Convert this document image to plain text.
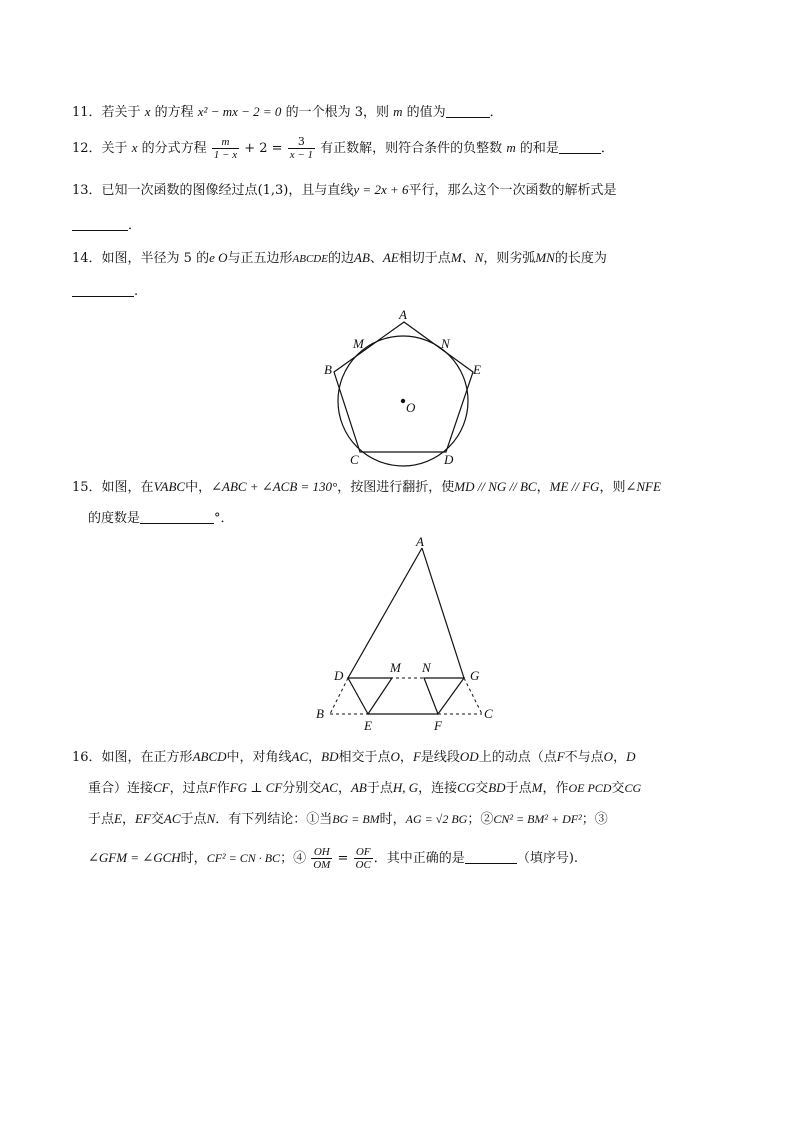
11．若关于 x 的方程 x² − mx − 2 = 0 的一个根为 3，则 m 的值为	．
12．关于 x 的分式方程 $\frac{m}{1 - x} + 2 = \frac{3}{x - 1}$ 有正数解，则符合条件的负整数 m 的和是	．
13．已知一次函数的图像经过点(1,3)，且与直线y = 2x + 6平行，那么这个一次函数的解析式是
．
14．如图，半径为 5 的e O与正五边形ABCDE的边AB、AE相切于点M、N，则劣弧MN的长度为
.
A
M	N
B	E
O
C	D
15．如图，在VABC中，∠ABC + ∠ACB = 130°，按图进行翻折，使MD // NG // BC，ME // FG，则∠NFE
的度数是	°．
A
D
M N
G
B
E	F
C
16．如图，在正方形ABCD中，对角线AC，BD相交于点O，F是线段OD上的动点（点F不与点O，D
重合）连接CF，过点F作FG ⊥ CF分别交AC，AB于点H, G，连接CG交BD于点M，作OE PCD交CG
于点E，EF交AC于点N．有下列结论：①当BG = BM时，AG = √2 BG；②CN² = BM² + DF²；③
∠GFM = ∠GCH时，CF² = CN · BC；④ $\frac{OH}{OM} = \frac{OF}{OC}$ ．其中正确的是	（填序号).
